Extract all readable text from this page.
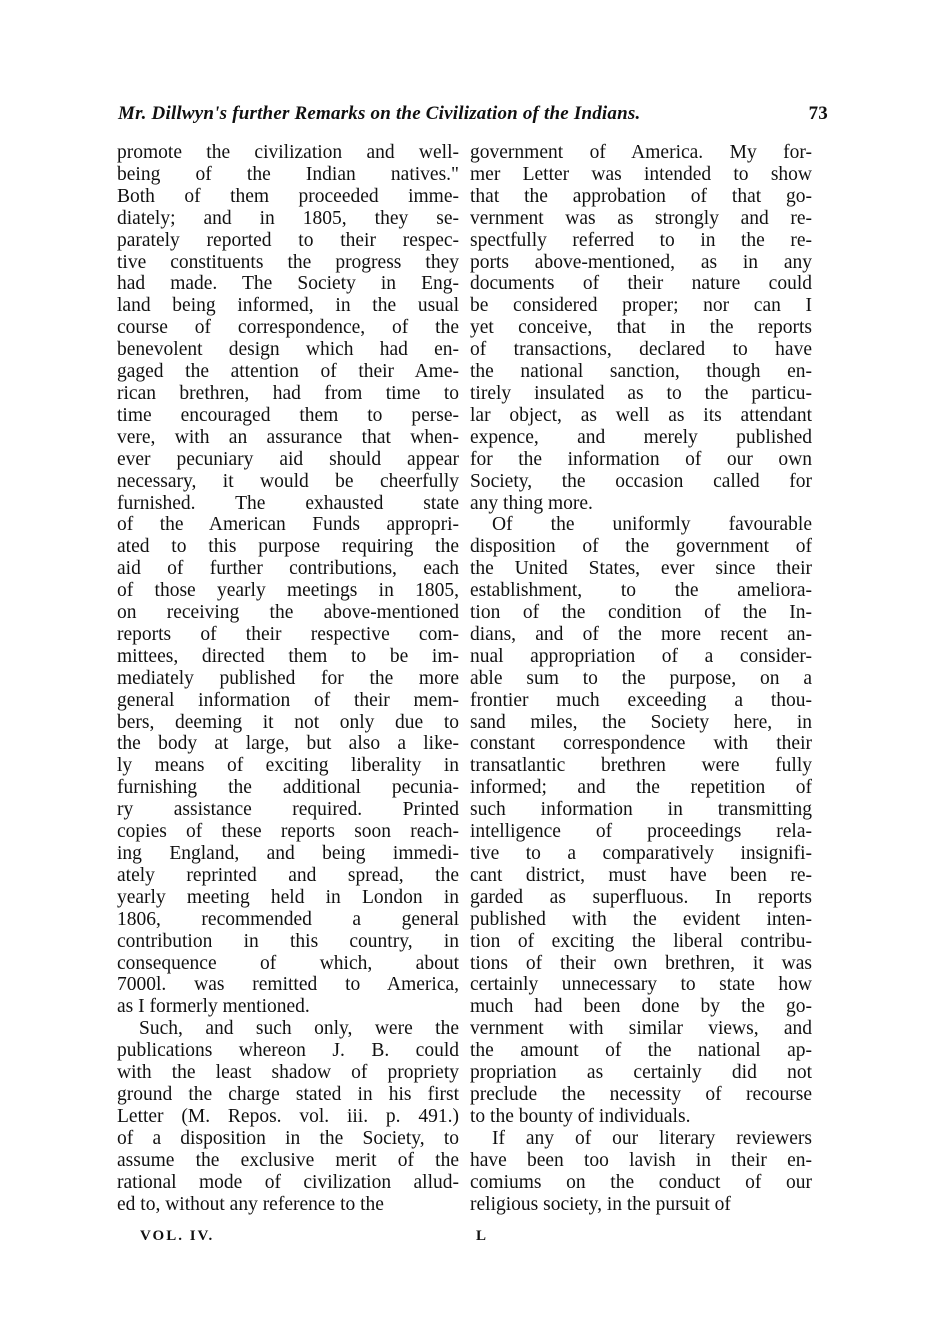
Mr. Dillwyn's further Remarks on the Civilization of the Indians.	73
promote the civilization and well-
being of the Indian natives."
Both of them proceeded imme-
diately; and in 1805, they se-
parately reported to their respec-
tive constituents the progress they
had made. The Society in Eng-
land being informed, in the usual
course of correspondence, of the
benevolent design which had en-
gaged the attention of their Ame-
rican brethren, had from time to
time encouraged them to perse-
vere, with an assurance that when-
ever pecuniary aid should appear
necessary, it would be cheerfully
furnished. The exhausted state
of the American Funds appropri-
ated to this purpose requiring the
aid of further contributions, each
of those yearly meetings in 1805,
on receiving the above-mentioned
reports of their respective com-
mittees, directed them to be im-
mediately published for the more
general information of their mem-
bers, deeming it not only due to
the body at large, but also a like-
ly means of exciting liberality in
furnishing the additional pecunia-
ry assistance required. Printed
copies of these reports soon reach-
ing England, and being immedi-
ately reprinted and spread, the
yearly meeting held in London in
1806, recommended a general
contribution in this country, in
consequence of which, about
7000l. was remitted to America,
as I formerly mentioned.
Such, and such only, were the
publications whereon J. B. could
with the least shadow of propriety
ground the charge stated in his first
Letter (M. Repos. vol. iii. p. 491.)
of a disposition in the Society, to
assume the exclusive merit of the
rational mode of civilization allud-
ed to, without any reference to the
government of America. My for-
mer Letter was intended to show
that the approbation of that go-
vernment was as strongly and re-
spectfully referred to in the re-
ports above-mentioned, as in any
documents of their nature could
be considered proper; nor can I
yet conceive, that in the reports
of transactions, declared to have
the national sanction, though en-
tirely insulated as to the particu-
lar object, as well as its attendant
expence, and merely published
for the information of our own
Society, the occasion called for
any thing more.
Of the uniformly favourable
disposition of the government of
the United States, ever since their
establishment, to the ameliora-
tion of the condition of the In-
dians, and of the more recent an-
nual appropriation of a consider-
able sum to the purpose, on a
frontier much exceeding a thou-
sand miles, the Society here, in
constant correspondence with their
transatlantic brethren were fully
informed; and the repetition of
such information in transmitting
intelligence of proceedings rela-
tive to a comparatively insignifi-
cant district, must have been re-
garded as superfluous. In reports
published with the evident inten-
tion of exciting the liberal contribu-
tions of their own brethren, it was
certainly unnecessary to state how
much had been done by the go-
vernment with similar views, and
the amount of the national ap-
propriation as certainly did not
preclude the necessity of recourse
to the bounty of individuals.
If any of our literary reviewers
have been too lavish in their en-
comiums on the conduct of our
religious society, in the pursuit of
VOL. IV.	L
